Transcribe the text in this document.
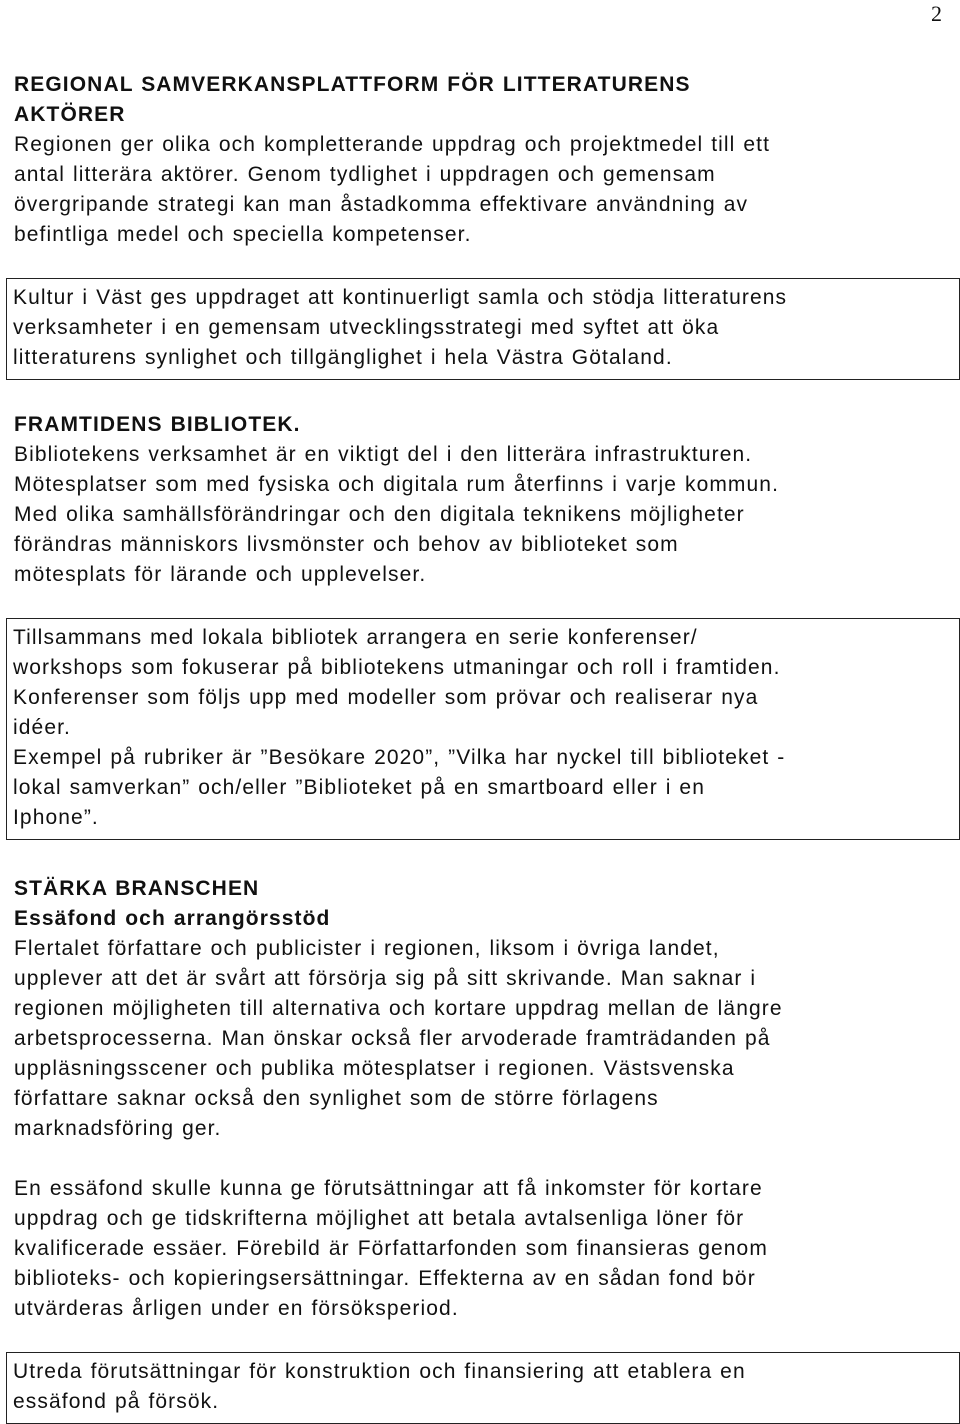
2

REGIONAL SAMVERKANSPLATTFORM FÖR LITTERATURENS
AKTÖRER

Regionen ger olika och kompletterande uppdrag och projektmedel till ett
antal litterära aktörer. Genom tydlighet i uppdragen och gemensam
övergripande strategi kan man åstadkomma effektivare användning av
befintliga medel och speciella kompetenser.

Kultur i Väst ges uppdraget att kontinuerligt samla och stödja litteraturens
verksamheter i en gemensam utvecklingsstrategi med syftet att öka
litteraturens synlighet och tillgänglighet i hela Västra Götaland.

FRAMTIDENS BIBLIOTEK.

Bibliotekens verksamhet är en viktigt del i den litterära infrastrukturen.
Mötesplatser som med fysiska och digitala rum återfinns i varje kommun.
Med olika samhällsförändringar och den digitala teknikens möjligheter
förändras människors livsmönster och behov av biblioteket som
mötesplats för lärande och upplevelser.

Tillsammans med lokala bibliotek arrangera en serie konferenser/
workshops som fokuserar på bibliotekens utmaningar och roll i framtiden.
Konferenser som följs upp med modeller som prövar och realiserar nya
idéer.
Exempel på rubriker är ”Besökare 2020”, ”Vilka har nyckel till biblioteket -
lokal samverkan” och/eller ”Biblioteket på en smartboard eller i en
Iphone”.

STÄRKA BRANSCHEN
Essäfond och arrangörsstöd

Flertalet författare och publicister i regionen, liksom i övriga landet,
upplever att det är svårt att försörja sig på sitt skrivande. Man saknar i
regionen möjligheten till alternativa och kortare uppdrag mellan de längre
arbetsprocesserna. Man önskar också fler arvoderade framträdanden på
uppläsningsscener och publika mötesplatser i regionen. Västsvenska
författare saknar också den synlighet som de större förlagens
marknadsföring ger.

En essäfond skulle kunna ge förutsättningar att få inkomster för kortare
uppdrag och ge tidskrifterna möjlighet att betala avtalsenliga löner för
kvalificerade essäer. Förebild är Författarfonden som finansieras genom
biblioteks- och kopieringsersättningar. Effekterna av en sådan fond bör
utvärderas årligen under en försöksperiod.

Utreda förutsättningar för konstruktion och finansiering att etablera en
essäfond på försök.
